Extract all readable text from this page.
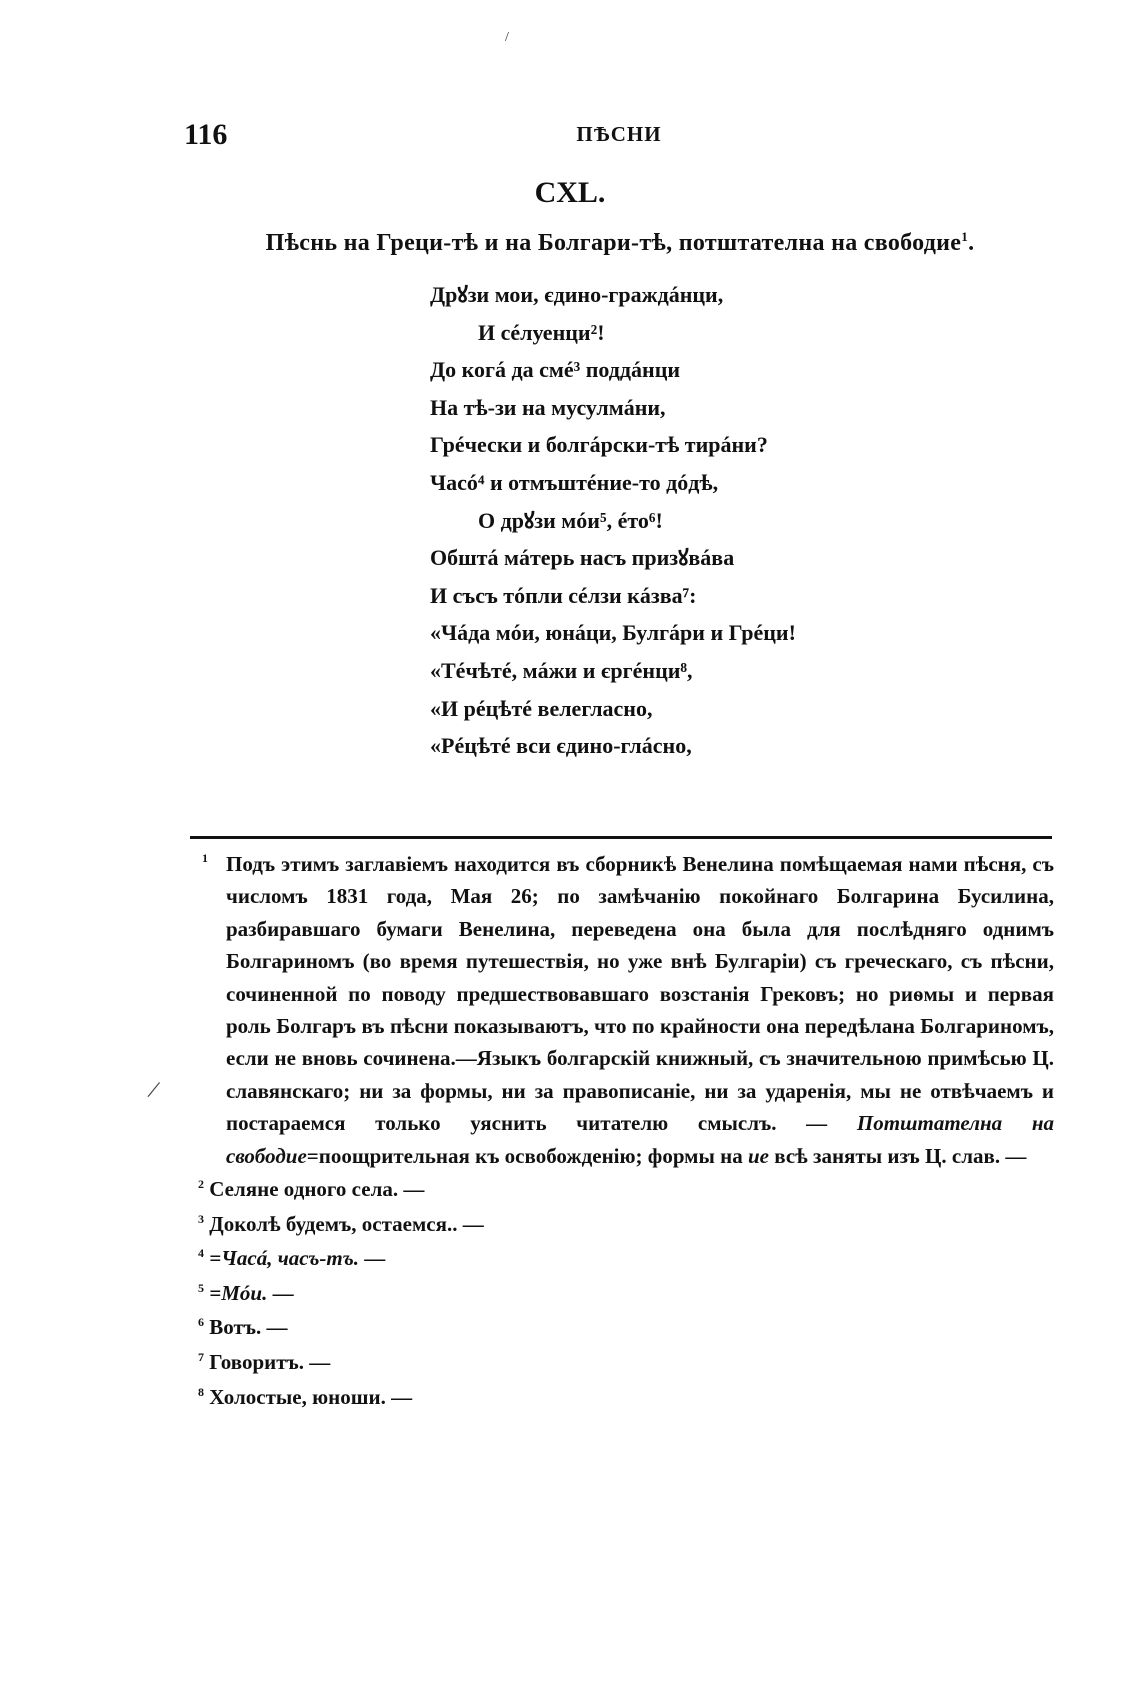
/
/
116	ПѢСНИ
CXL.
Пѣснь на Греци-тѣ и на Болгари-тѣ, потштателна на свободие$^1$.
Дрꙋзи мои, єдино-граждáнци,
И сéлуенци²!
До когá да смé³ поддáнци
На тѣ-зи на мусулмáни,
Грéчески и болгáрски-тѣ тирáни?
Часó⁴ и отмъштéние-то дóдѣ,
О дрꙋзи мóи⁵, éто⁶!
Обштá мáтерь насъ призꙋвáва
И съсъ тóпли сéлзи кáзва⁷:
«Чáда мóи, юнáци, Булгáри и Грéци!
«Тéчѣтé, мáжи и єргéнци⁸,
«И рéцѣтé велегласно,
«Рéцѣтé вси єдино-глáсно,
1 Подъ этимъ заглавіемъ находится въ сборникѣ Венелина помѣщаемая нами пѣсня, съ числомъ 1831 года, Мая 26; по замѣчанію покойнаго Болгарина Бусилина, разбиравшаго бумаги Венелина, переведена она была для послѣдняго однимъ Болгариномъ (во время путешествія, но уже внѣ Булгаріи) съ греческаго, съ пѣсни, сочиненной по поводу предшествовавшаго возстанія Грековъ; но риѳмы и первая роль Болгаръ въ пѣсни показываютъ, что по крайности она передѣлана Болгариномъ, если не вновь сочинена.—Языкъ болгарскій книжный, съ значительною примѣсью Ц. славянскаго; ни за формы, ни за правописаніе, ни за ударенія, мы не отвѣчаемъ и постараемся только уяснить читателю смыслъ. — Потштателна на свободие=поощрительная къ освобожденію; формы на ие всѣ заняты изъ Ц. слав. —
$^2$ Селяне одного села. —
$^3$ Доколѣ будемъ, остаемся.. —
$^4$ =Часá, часъ-тъ. —
$^5$ =Мóи. —
$^6$ Вотъ. —
$^7$ Говоритъ. —
$^8$ Холостые, юноши. —
